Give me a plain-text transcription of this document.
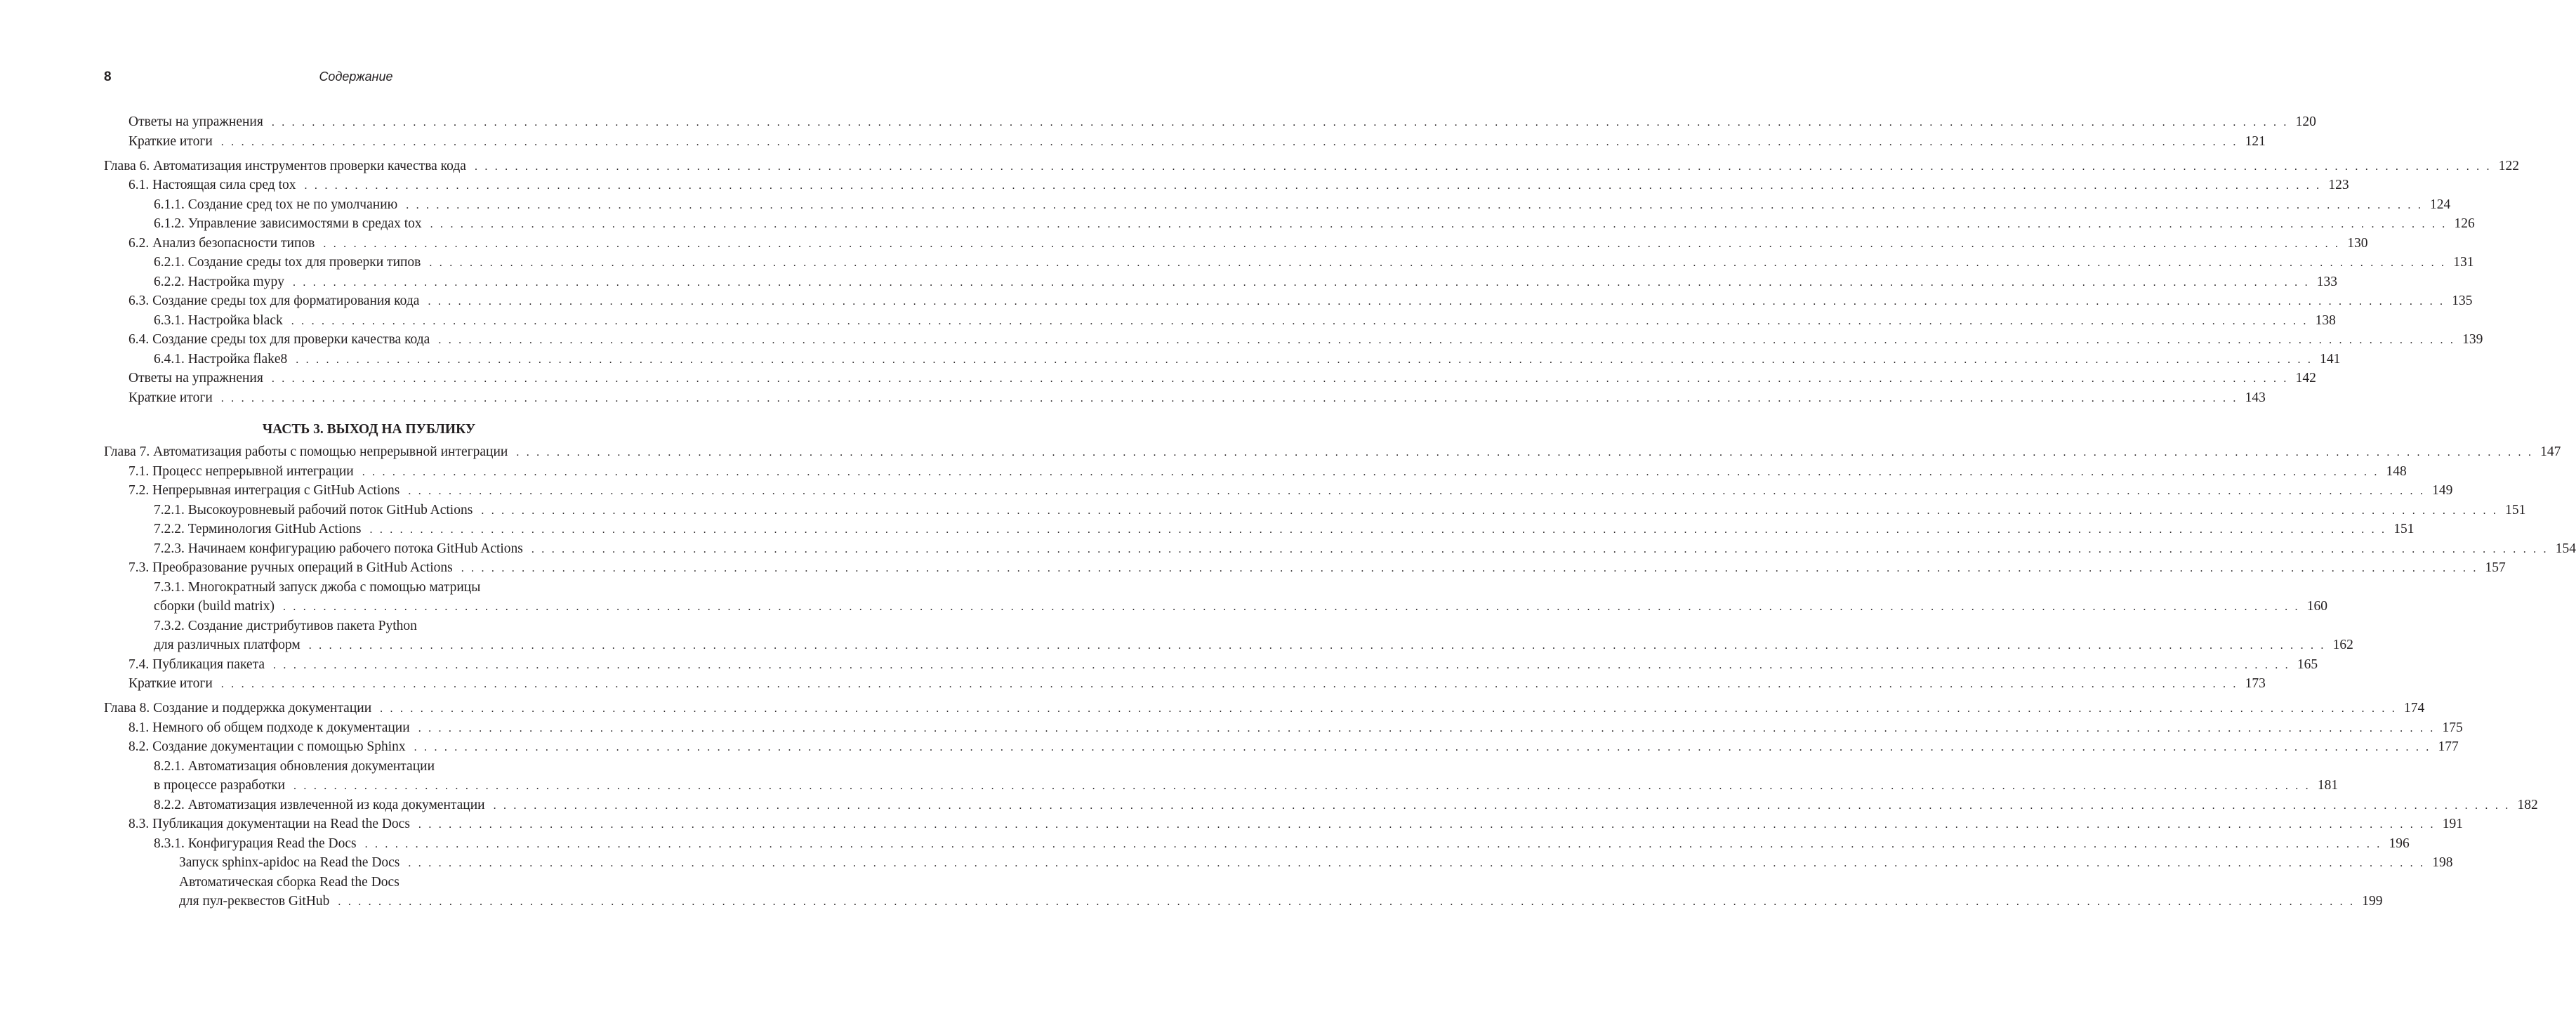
8	Содержание
Ответы на упражнения . . . . . . . . . . . . . . . . . . . . . . . . . . . . . . . . . . . . . . . . . . . . . . . . . . . . . . . . . . . . . . . . . . . . . . . . . . . . . . . . . . . . . . . . . . . . . . . . . . . . . . . . . . . . . . . . . . . . . . . . . . . . . . . . . . . . . . . . . . . . . . . . . . . . . . . . . . . . . . . . . . . . . . . . . . . . . . . . . . . . . . . . . . . . . . . . . . . . . . . . 120
Краткие итоги . . . . . . . . . . . . . . . . . . . . . . . . . . . . . . . . . . . . . . . . . . . . . . . . . . . . . . . . . . . . . . . . . . . . . . . . . . . . . . . . . . . . . . . . . . . . . . . . . . . . . . . . . . . . . . . . . . . . . . . . . . . . . . . . . . . . . . . . . . . . . . . . . . . . . . . . . . . . . . . . . . . . . . . . . . . . . . . . . . . . . . . . . . . . . . . . . . . . . . . . 121
Глава 6. Автоматизация инструментов проверки качества кода . . . . . . . . . . . . . . . . . . . . . . . . . . . . . . . . . . . . . . . . . . . . . . . . . . . . . . . . . . . . . . . . . . . . . . . . . . . . . . . . . . . . . . . . . . . . . . . . . . . . . . . . . . . . . . . . . . . . . . . . . . . . . . . . . . . . . . . . . . . . . . . . . . . . . . . . . . . . . . . . . . . . . . . . . . . . . . . . . . . . . . . . . . . . . . . . . . . . . . . . 122
6.1. Настоящая сила сред tox . . . . . . . . . . . . . . . . . . . . . . . . . . . . . . . . . . . . . . . . . . . . . . . . . . . . . . . . . . . . . . . . . . . . . . . . . . . . . . . . . . . . . . . . . . . . . . . . . . . . . . . . . . . . . . . . . . . . . . . . . . . . . . . . . . . . . . . . . . . . . . . . . . . . . . . . . . . . . . . . . . . . . . . . . . . . . . . . . . . . . . . . . . . . . . . . . . . . . . . . 123
6.1.1. Создание сред tox не по умолчанию . . . . . . . . . . . . . . . . . . . . . . . . . . . . . . . . . . . . . . . . . . . . . . . . . . . . . . . . . . . . . . . . . . . . . . . . . . . . . . . . . . . . . . . . . . . . . . . . . . . . . . . . . . . . . . . . . . . . . . . . . . . . . . . . . . . . . . . . . . . . . . . . . . . . . . . . . . . . . . . . . . . . . . . . . . . . . . . . . . . . . . . . . . . . . . . . . . . . . . . . 124
6.1.2. Управление зависимостями в средах tox . . . . . . . . . . . . . . . . . . . . . . . . . . . . . . . . . . . . . . . . . . . . . . . . . . . . . . . . . . . . . . . . . . . . . . . . . . . . . . . . . . . . . . . . . . . . . . . . . . . . . . . . . . . . . . . . . . . . . . . . . . . . . . . . . . . . . . . . . . . . . . . . . . . . . . . . . . . . . . . . . . . . . . . . . . . . . . . . . . . . . . . . . . . . . . . . . . . . . . . . 126
6.2. Анализ безопасности типов . . . . . . . . . . . . . . . . . . . . . . . . . . . . . . . . . . . . . . . . . . . . . . . . . . . . . . . . . . . . . . . . . . . . . . . . . . . . . . . . . . . . . . . . . . . . . . . . . . . . . . . . . . . . . . . . . . . . . . . . . . . . . . . . . . . . . . . . . . . . . . . . . . . . . . . . . . . . . . . . . . . . . . . . . . . . . . . . . . . . . . . . . . . . . . . . . . . . . . . . 130
6.2.1. Создание среды tox для проверки типов . . . . . . . . . . . . . . . . . . . . . . . . . . . . . . . . . . . . . . . . . . . . . . . . . . . . . . . . . . . . . . . . . . . . . . . . . . . . . . . . . . . . . . . . . . . . . . . . . . . . . . . . . . . . . . . . . . . . . . . . . . . . . . . . . . . . . . . . . . . . . . . . . . . . . . . . . . . . . . . . . . . . . . . . . . . . . . . . . . . . . . . . . . . . . . . . . . . . . . . . 131
6.2.2. Настройка mypy . . . . . . . . . . . . . . . . . . . . . . . . . . . . . . . . . . . . . . . . . . . . . . . . . . . . . . . . . . . . . . . . . . . . . . . . . . . . . . . . . . . . . . . . . . . . . . . . . . . . . . . . . . . . . . . . . . . . . . . . . . . . . . . . . . . . . . . . . . . . . . . . . . . . . . . . . . . . . . . . . . . . . . . . . . . . . . . . . . . . . . . . . . . . . . . . . . . . . . . . 133
6.3. Создание среды tox для форматирования кода . . . . . . . . . . . . . . . . . . . . . . . . . . . . . . . . . . . . . . . . . . . . . . . . . . . . . . . . . . . . . . . . . . . . . . . . . . . . . . . . . . . . . . . . . . . . . . . . . . . . . . . . . . . . . . . . . . . . . . . . . . . . . . . . . . . . . . . . . . . . . . . . . . . . . . . . . . . . . . . . . . . . . . . . . . . . . . . . . . . . . . . . . . . . . . . . . . . . . . . . 135
6.3.1. Настройка black . . . . . . . . . . . . . . . . . . . . . . . . . . . . . . . . . . . . . . . . . . . . . . . . . . . . . . . . . . . . . . . . . . . . . . . . . . . . . . . . . . . . . . . . . . . . . . . . . . . . . . . . . . . . . . . . . . . . . . . . . . . . . . . . . . . . . . . . . . . . . . . . . . . . . . . . . . . . . . . . . . . . . . . . . . . . . . . . . . . . . . . . . . . . . . . . . . . . . . . . 138
6.4. Создание среды tox для проверки качества кода . . . . . . . . . . . . . . . . . . . . . . . . . . . . . . . . . . . . . . . . . . . . . . . . . . . . . . . . . . . . . . . . . . . . . . . . . . . . . . . . . . . . . . . . . . . . . . . . . . . . . . . . . . . . . . . . . . . . . . . . . . . . . . . . . . . . . . . . . . . . . . . . . . . . . . . . . . . . . . . . . . . . . . . . . . . . . . . . . . . . . . . . . . . . . . . . . . . . . . . . 139
6.4.1. Настройка flake8 . . . . . . . . . . . . . . . . . . . . . . . . . . . . . . . . . . . . . . . . . . . . . . . . . . . . . . . . . . . . . . . . . . . . . . . . . . . . . . . . . . . . . . . . . . . . . . . . . . . . . . . . . . . . . . . . . . . . . . . . . . . . . . . . . . . . . . . . . . . . . . . . . . . . . . . . . . . . . . . . . . . . . . . . . . . . . . . . . . . . . . . . . . . . . . . . . . . . . . . . 141
Ответы на упражнения . . . . . . . . . . . . . . . . . . . . . . . . . . . . . . . . . . . . . . . . . . . . . . . . . . . . . . . . . . . . . . . . . . . . . . . . . . . . . . . . . . . . . . . . . . . . . . . . . . . . . . . . . . . . . . . . . . . . . . . . . . . . . . . . . . . . . . . . . . . . . . . . . . . . . . . . . . . . . . . . . . . . . . . . . . . . . . . . . . . . . . . . . . . . . . . . . . . . . . . . 142
Краткие итоги . . . . . . . . . . . . . . . . . . . . . . . . . . . . . . . . . . . . . . . . . . . . . . . . . . . . . . . . . . . . . . . . . . . . . . . . . . . . . . . . . . . . . . . . . . . . . . . . . . . . . . . . . . . . . . . . . . . . . . . . . . . . . . . . . . . . . . . . . . . . . . . . . . . . . . . . . . . . . . . . . . . . . . . . . . . . . . . . . . . . . . . . . . . . . . . . . . . . . . . . 143
ЧАСТЬ 3. ВЫХОД НА ПУБЛИКУ
Глава 7. Автоматизация работы с помощью непрерывной интеграции . . . . . . . . . . . . . . . . . . . . . . . . . . . . . . . . . . . . . . . . . . . . . . . . . . . . . . . . . . . . . . . . . . . . . . . . . . . . . . . . . . . . . . . . . . . . . . . . . . . . . . . . . . . . . . . . . . . . . . . . . . . . . . . . . . . . . . . . . . . . . . . . . . . . . . . . . . . . . . . . . . . . . . . . . . . . . . . . . . . . . . . . . . . . . . . . . . . . . . . . 147
7.1. Процесс непрерывной интеграции . . . . . . . . . . . . . . . . . . . . . . . . . . . . . . . . . . . . . . . . . . . . . . . . . . . . . . . . . . . . . . . . . . . . . . . . . . . . . . . . . . . . . . . . . . . . . . . . . . . . . . . . . . . . . . . . . . . . . . . . . . . . . . . . . . . . . . . . . . . . . . . . . . . . . . . . . . . . . . . . . . . . . . . . . . . . . . . . . . . . . . . . . . . . . . . . . . . . . . . . 148
7.2. Непрерывная интеграция с GitHub Actions . . . . . . . . . . . . . . . . . . . . . . . . . . . . . . . . . . . . . . . . . . . . . . . . . . . . . . . . . . . . . . . . . . . . . . . . . . . . . . . . . . . . . . . . . . . . . . . . . . . . . . . . . . . . . . . . . . . . . . . . . . . . . . . . . . . . . . . . . . . . . . . . . . . . . . . . . . . . . . . . . . . . . . . . . . . . . . . . . . . . . . . . . . . . . . . . . . . . . . . . 149
7.2.1. Высокоуровневый рабочий поток GitHub Actions . . . . . . . . . . . . . . . . . . . . . . . . . . . . . . . . . . . . . . . . . . . . . . . . . . . . . . . . . . . . . . . . . . . . . . . . . . . . . . . . . . . . . . . . . . . . . . . . . . . . . . . . . . . . . . . . . . . . . . . . . . . . . . . . . . . . . . . . . . . . . . . . . . . . . . . . . . . . . . . . . . . . . . . . . . . . . . . . . . . . . . . . . . . . . . . . . . . . . . . . 151
7.2.2. Терминология GitHub Actions . . . . . . . . . . . . . . . . . . . . . . . . . . . . . . . . . . . . . . . . . . . . . . . . . . . . . . . . . . . . . . . . . . . . . . . . . . . . . . . . . . . . . . . . . . . . . . . . . . . . . . . . . . . . . . . . . . . . . . . . . . . . . . . . . . . . . . . . . . . . . . . . . . . . . . . . . . . . . . . . . . . . . . . . . . . . . . . . . . . . . . . . . . . . . . . . . . . . . . . . 151
7.2.3. Начинаем конфигурацию рабочего потока GitHub Actions . . . . . . . . . . . . . . . . . . . . . . . . . . . . . . . . . . . . . . . . . . . . . . . . . . . . . . . . . . . . . . . . . . . . . . . . . . . . . . . . . . . . . . . . . . . . . . . . . . . . . . . . . . . . . . . . . . . . . . . . . . . . . . . . . . . . . . . . . . . . . . . . . . . . . . . . . . . . . . . . . . . . . . . . . . . . . . . . . . . . . . . . . . . . . . . . . . . . . . . . 154
7.3. Преобразование ручных операций в GitHub Actions . . . . . . . . . . . . . . . . . . . . . . . . . . . . . . . . . . . . . . . . . . . . . . . . . . . . . . . . . . . . . . . . . . . . . . . . . . . . . . . . . . . . . . . . . . . . . . . . . . . . . . . . . . . . . . . . . . . . . . . . . . . . . . . . . . . . . . . . . . . . . . . . . . . . . . . . . . . . . . . . . . . . . . . . . . . . . . . . . . . . . . . . . . . . . . . . . . . . . . . . 157
7.3.1. Многократный запуск джоба с помощью матрицы
сборки (build matrix) . . . . . . . . . . . . . . . . . . . . . . . . . . . . . . . . . . . . . . . . . . . . . . . . . . . . . . . . . . . . . . . . . . . . . . . . . . . . . . . . . . . . . . . . . . . . . . . . . . . . . . . . . . . . . . . . . . . . . . . . . . . . . . . . . . . . . . . . . . . . . . . . . . . . . . . . . . . . . . . . . . . . . . . . . . . . . . . . . . . . . . . . . . . . . . . . . . . . . . . . 160
7.3.2. Создание дистрибутивов пакета Python
для различных платформ . . . . . . . . . . . . . . . . . . . . . . . . . . . . . . . . . . . . . . . . . . . . . . . . . . . . . . . . . . . . . . . . . . . . . . . . . . . . . . . . . . . . . . . . . . . . . . . . . . . . . . . . . . . . . . . . . . . . . . . . . . . . . . . . . . . . . . . . . . . . . . . . . . . . . . . . . . . . . . . . . . . . . . . . . . . . . . . . . . . . . . . . . . . . . . . . . . . . . . . . 162
7.4. Публикация пакета . . . . . . . . . . . . . . . . . . . . . . . . . . . . . . . . . . . . . . . . . . . . . . . . . . . . . . . . . . . . . . . . . . . . . . . . . . . . . . . . . . . . . . . . . . . . . . . . . . . . . . . . . . . . . . . . . . . . . . . . . . . . . . . . . . . . . . . . . . . . . . . . . . . . . . . . . . . . . . . . . . . . . . . . . . . . . . . . . . . . . . . . . . . . . . . . . . . . . . . . 165
Краткие итоги . . . . . . . . . . . . . . . . . . . . . . . . . . . . . . . . . . . . . . . . . . . . . . . . . . . . . . . . . . . . . . . . . . . . . . . . . . . . . . . . . . . . . . . . . . . . . . . . . . . . . . . . . . . . . . . . . . . . . . . . . . . . . . . . . . . . . . . . . . . . . . . . . . . . . . . . . . . . . . . . . . . . . . . . . . . . . . . . . . . . . . . . . . . . . . . . . . . . . . . . 173
Глава 8. Создание и поддержка документации . . . . . . . . . . . . . . . . . . . . . . . . . . . . . . . . . . . . . . . . . . . . . . . . . . . . . . . . . . . . . . . . . . . . . . . . . . . . . . . . . . . . . . . . . . . . . . . . . . . . . . . . . . . . . . . . . . . . . . . . . . . . . . . . . . . . . . . . . . . . . . . . . . . . . . . . . . . . . . . . . . . . . . . . . . . . . . . . . . . . . . . . . . . . . . . . . . . . . . . . 174
8.1. Немного об общем подходе к документации . . . . . . . . . . . . . . . . . . . . . . . . . . . . . . . . . . . . . . . . . . . . . . . . . . . . . . . . . . . . . . . . . . . . . . . . . . . . . . . . . . . . . . . . . . . . . . . . . . . . . . . . . . . . . . . . . . . . . . . . . . . . . . . . . . . . . . . . . . . . . . . . . . . . . . . . . . . . . . . . . . . . . . . . . . . . . . . . . . . . . . . . . . . . . . . . . . . . . . . . 175
8.2. Создание документации с помощью Sphinx . . . . . . . . . . . . . . . . . . . . . . . . . . . . . . . . . . . . . . . . . . . . . . . . . . . . . . . . . . . . . . . . . . . . . . . . . . . . . . . . . . . . . . . . . . . . . . . . . . . . . . . . . . . . . . . . . . . . . . . . . . . . . . . . . . . . . . . . . . . . . . . . . . . . . . . . . . . . . . . . . . . . . . . . . . . . . . . . . . . . . . . . . . . . . . . . . . . . . . . . 177
8.2.1. Автоматизация обновления документации
в процессе разработки . . . . . . . . . . . . . . . . . . . . . . . . . . . . . . . . . . . . . . . . . . . . . . . . . . . . . . . . . . . . . . . . . . . . . . . . . . . . . . . . . . . . . . . . . . . . . . . . . . . . . . . . . . . . . . . . . . . . . . . . . . . . . . . . . . . . . . . . . . . . . . . . . . . . . . . . . . . . . . . . . . . . . . . . . . . . . . . . . . . . . . . . . . . . . . . . . . . . . . . . 181
8.2.2. Автоматизация извлеченной из кода документации . . . . . . . . . . . . . . . . . . . . . . . . . . . . . . . . . . . . . . . . . . . . . . . . . . . . . . . . . . . . . . . . . . . . . . . . . . . . . . . . . . . . . . . . . . . . . . . . . . . . . . . . . . . . . . . . . . . . . . . . . . . . . . . . . . . . . . . . . . . . . . . . . . . . . . . . . . . . . . . . . . . . . . . . . . . . . . . . . . . . . . . . . . . . . . . . . . . . . . . . 182
8.3. Публикация документации на Read the Docs . . . . . . . . . . . . . . . . . . . . . . . . . . . . . . . . . . . . . . . . . . . . . . . . . . . . . . . . . . . . . . . . . . . . . . . . . . . . . . . . . . . . . . . . . . . . . . . . . . . . . . . . . . . . . . . . . . . . . . . . . . . . . . . . . . . . . . . . . . . . . . . . . . . . . . . . . . . . . . . . . . . . . . . . . . . . . . . . . . . . . . . . . . . . . . . . . . . . . . . . 191
8.3.1. Конфигурация Read the Docs . . . . . . . . . . . . . . . . . . . . . . . . . . . . . . . . . . . . . . . . . . . . . . . . . . . . . . . . . . . . . . . . . . . . . . . . . . . . . . . . . . . . . . . . . . . . . . . . . . . . . . . . . . . . . . . . . . . . . . . . . . . . . . . . . . . . . . . . . . . . . . . . . . . . . . . . . . . . . . . . . . . . . . . . . . . . . . . . . . . . . . . . . . . . . . . . . . . . . . . . 196
Запуск sphinx-apidoc на Read the Docs . . . . . . . . . . . . . . . . . . . . . . . . . . . . . . . . . . . . . . . . . . . . . . . . . . . . . . . . . . . . . . . . . . . . . . . . . . . . . . . . . . . . . . . . . . . . . . . . . . . . . . . . . . . . . . . . . . . . . . . . . . . . . . . . . . . . . . . . . . . . . . . . . . . . . . . . . . . . . . . . . . . . . . . . . . . . . . . . . . . . . . . . . . . . . . . . . . . . . . . . 198
Автоматическая сборка Read the Docs
для пул-реквестов GitHub . . . . . . . . . . . . . . . . . . . . . . . . . . . . . . . . . . . . . . . . . . . . . . . . . . . . . . . . . . . . . . . . . . . . . . . . . . . . . . . . . . . . . . . . . . . . . . . . . . . . . . . . . . . . . . . . . . . . . . . . . . . . . . . . . . . . . . . . . . . . . . . . . . . . . . . . . . . . . . . . . . . . . . . . . . . . . . . . . . . . . . . . . . . . . . . . . . . . . . . . 199
